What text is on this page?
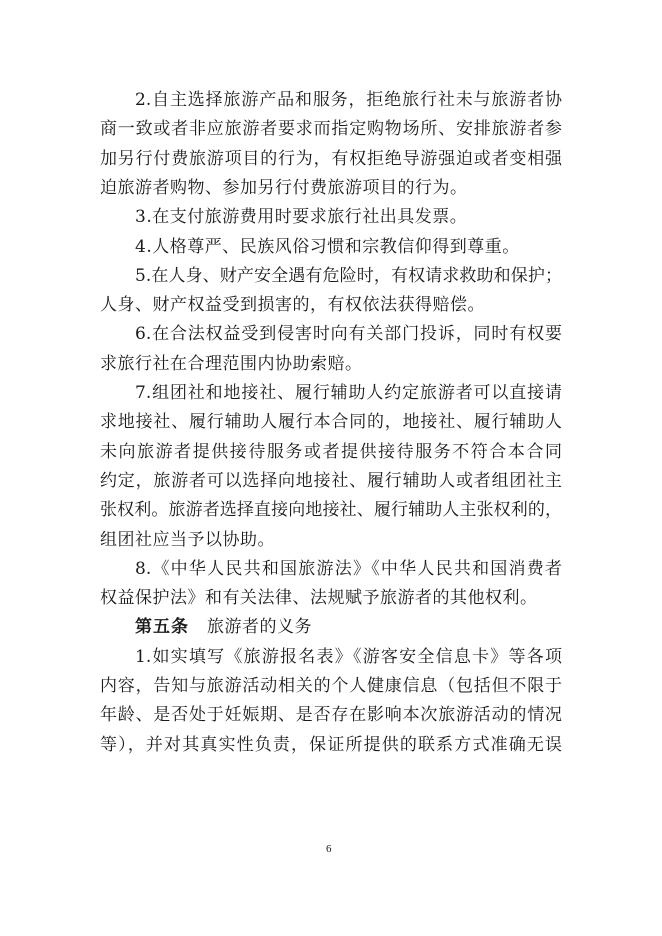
2.自主选择旅游产品和服务，拒绝旅行社未与旅游者协
商一致或者非应旅游者要求而指定购物场所、安排旅游者参
加另行付费旅游项目的行为，有权拒绝导游强迫或者变相强
迫旅游者购物、参加另行付费旅游项目的行为。
3.在支付旅游费用时要求旅行社出具发票。
4.人格尊严、民族风俗习惯和宗教信仰得到尊重。
5.在人身、财产安全遇有危险时，有权请求救助和保护；
人身、财产权益受到损害的，有权依法获得赔偿。
6.在合法权益受到侵害时向有关部门投诉，同时有权要
求旅行社在合理范围内协助索赔。
7.组团社和地接社、履行辅助人约定旅游者可以直接请
求地接社、履行辅助人履行本合同的，地接社、履行辅助人
未向旅游者提供接待服务或者提供接待服务不符合本合同
约定，旅游者可以选择向地接社、履行辅助人或者组团社主
张权利。旅游者选择直接向地接社、履行辅助人主张权利的，
组团社应当予以协助。
8.《中华人民共和国旅游法》《中华人民共和国消费者
权益保护法》和有关法律、法规赋予旅游者的其他权利。
1.如实填写《旅游报名表》《游客安全信息卡》等各项
内容，告知与旅游活动相关的个人健康信息（包括但不限于
年龄、是否处于妊娠期、是否存在影响本次旅游活动的情况
等），并对其真实性负责，保证所提供的联系方式准确无误
第五条 旅游者的义务
6
